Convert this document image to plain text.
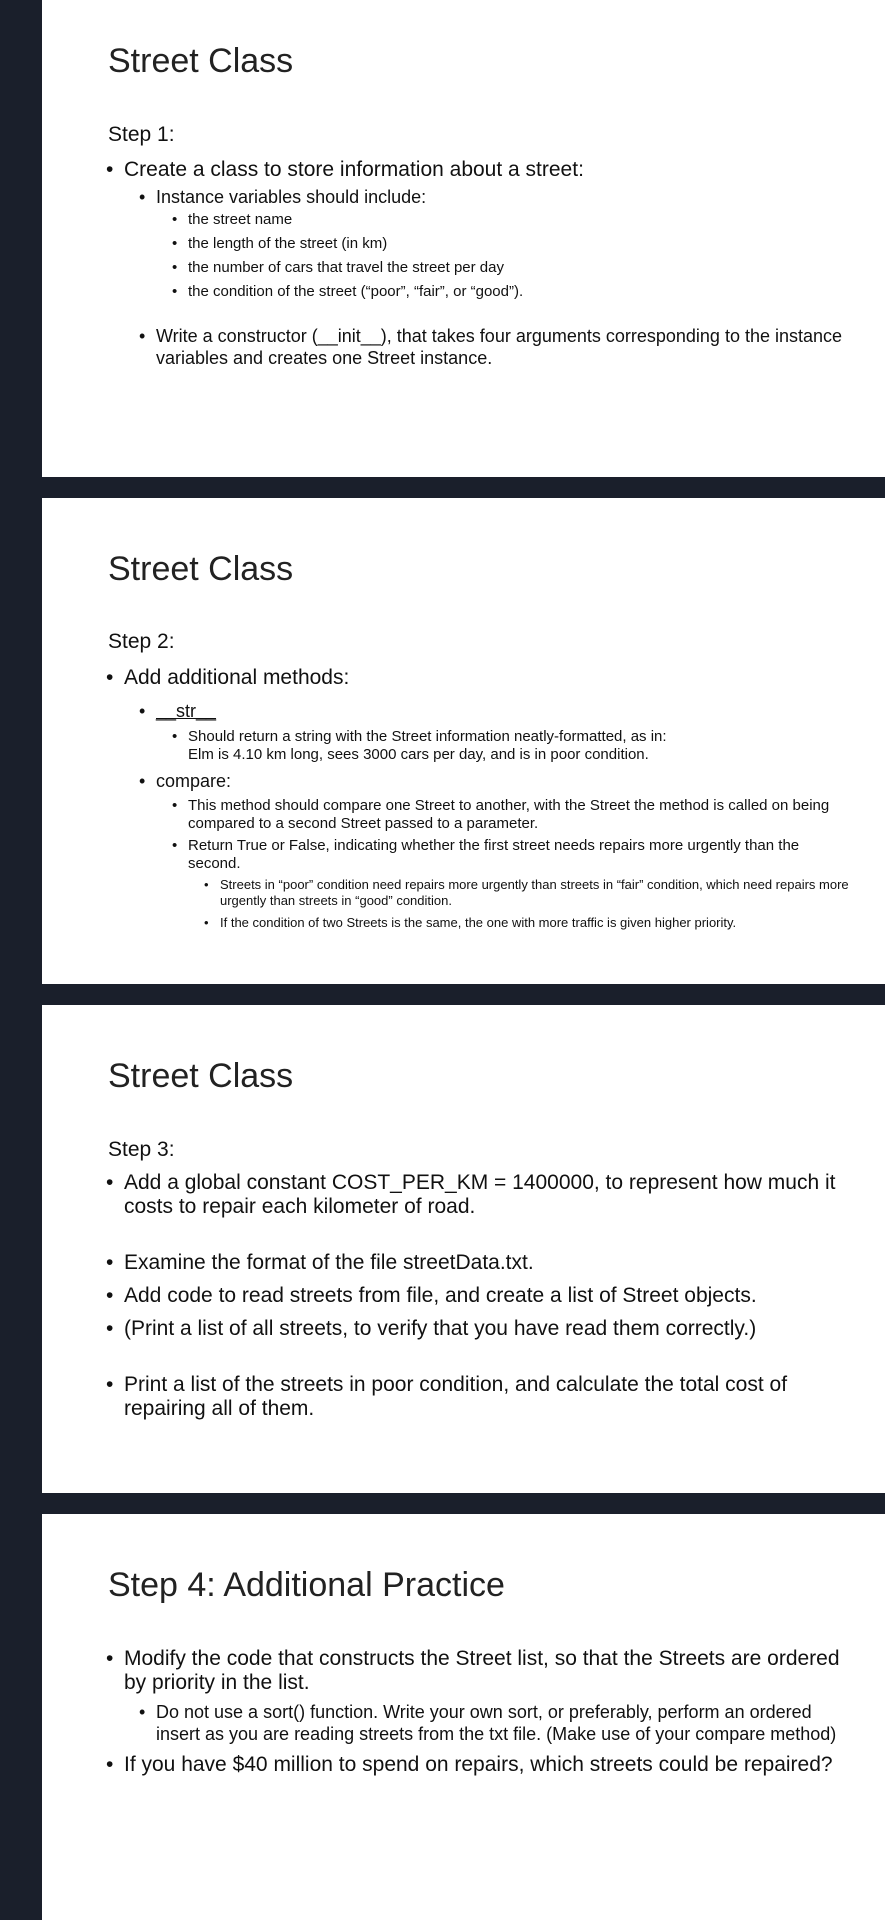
Street Class
Step 1:
• Create a class to store information about a street:
• Instance variables should include:
• the street name
• the length of the street (in km)
• the number of cars that travel the street per day
• the condition of the street (“poor”, “fair”, or “good”).
• Write a constructor (__init__), that takes four arguments corresponding to the instance variables and creates one Street instance.
Street Class
Step 2:
• Add additional methods:
• __str__
• Should return a string with the Street information neatly-formatted, as in:
Elm is 4.10 km long, sees 3000 cars per day, and is in poor condition.
• compare:
• This method should compare one Street to another, with the Street the method is called on being compared to a second Street passed to a parameter.
• Return True or False, indicating whether the first street needs repairs more urgently than the second.
• Streets in “poor” condition need repairs more urgently than streets in “fair” condition, which need repairs more urgently than streets in “good” condition.
• If the condition of two Streets is the same, the one with more traffic is given higher priority.
Street Class
Step 3:
• Add a global constant COST_PER_KM = 1400000, to represent how much it costs to repair each kilometer of road.
• Examine the format of the file streetData.txt.
• Add code to read streets from file, and create a list of Street objects.
• (Print a list of all streets, to verify that you have read them correctly.)
• Print a list of the streets in poor condition, and calculate the total cost of repairing all of them.
Step 4: Additional Practice
• Modify the code that constructs the Street list, so that the Streets are ordered by priority in the list.
• Do not use a sort() function. Write your own sort, or preferably, perform an ordered insert as you are reading streets from the txt file. (Make use of your compare method)
• If you have $40 million to spend on repairs, which streets could be repaired?
